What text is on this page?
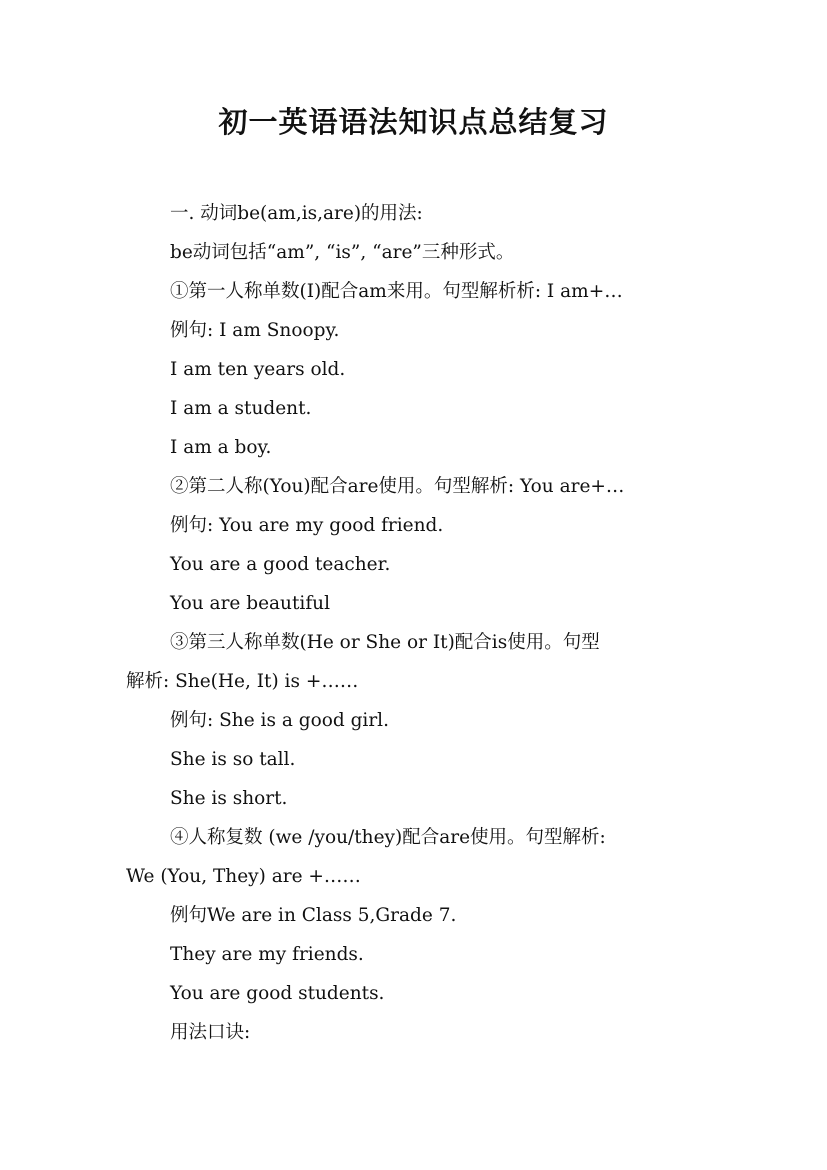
初一英语语法知识点总结复习

一. 动词be(am,is,are)的用法:

be动词包括“am”, “is”, “are”三种形式。

①第一人称单数(I)配合am来用。句型解析析: I am+…

例句: I am Snoopy.

I am ten years old.

I am a student.

I am a boy.

②第二人称(You)配合are使用。句型解析: You are+…

例句: You are my good friend.

You are a good teacher.

You are beautiful

③第三人称单数(He or She or It)配合is使用。句型

解析: She(He, It) is +……

例句: She is a good girl.

She is so tall.

She is short.

④人称复数 (we /you/they)配合are使用。句型解析:

We (You, They) are +……

例句We are in Class 5,Grade 7.

They are my friends.

You are good students.

用法口诀:
